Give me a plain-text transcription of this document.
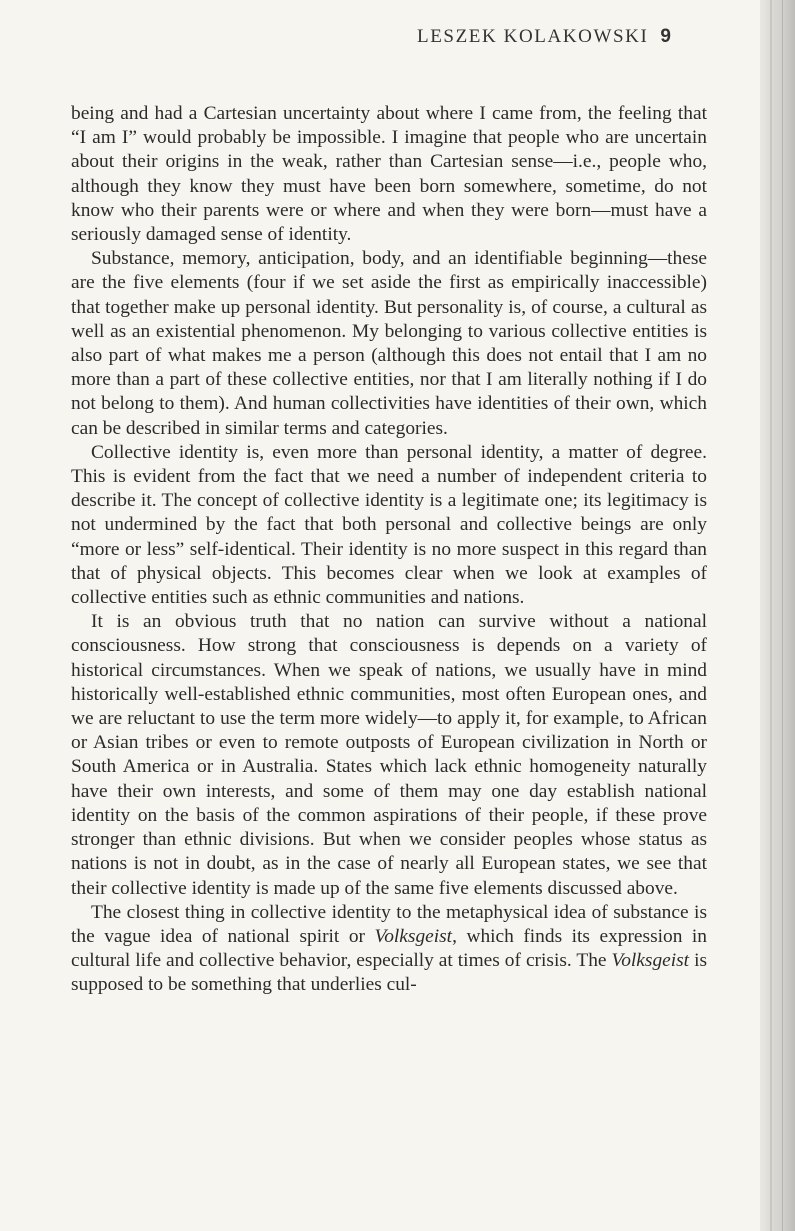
LESZEK KOLAKOWSKI 9

being and had a Cartesian uncertainty about where I came from, the feeling that “I am I” would probably be impossible. I imagine that people who are uncertain about their origins in the weak, rather than Cartesian sense—i.e., people who, although they know they must have been born somewhere, sometime, do not know who their parents were or where and when they were born—must have a seriously damaged sense of identity.

Substance, memory, anticipation, body, and an identifiable beginning—these are the five elements (four if we set aside the first as empirically inaccessible) that together make up personal identity. But personality is, of course, a cultural as well as an existential phenomenon. My belonging to various collective entities is also part of what makes me a person (although this does not entail that I am no more than a part of these collective entities, nor that I am literally nothing if I do not belong to them). And human collectivities have identities of their own, which can be described in similar terms and categories.

Collective identity is, even more than personal identity, a matter of degree. This is evident from the fact that we need a number of independent criteria to describe it. The concept of collective identity is a legitimate one; its legitimacy is not undermined by the fact that both personal and collective beings are only “more or less” self-identical. Their identity is no more suspect in this regard than that of physical objects. This becomes clear when we look at examples of collective entities such as ethnic communities and nations.

It is an obvious truth that no nation can survive without a national consciousness. How strong that consciousness is depends on a variety of historical circumstances. When we speak of nations, we usually have in mind historically well-established ethnic communities, most often European ones, and we are reluctant to use the term more widely—to apply it, for example, to African or Asian tribes or even to remote outposts of European civilization in North or South America or in Australia. States which lack ethnic homogeneity naturally have their own interests, and some of them may one day establish national identity on the basis of the common aspirations of their people, if these prove stronger than ethnic divisions. But when we consider peoples whose status as nations is not in doubt, as in the case of nearly all European states, we see that their collective identity is made up of the same five elements discussed above.

The closest thing in collective identity to the metaphysical idea of substance is the vague idea of national spirit or Volksgeist, which finds its expression in cultural life and collective behavior, especially at times of crisis. The Volksgeist is supposed to be something that underlies cul-
